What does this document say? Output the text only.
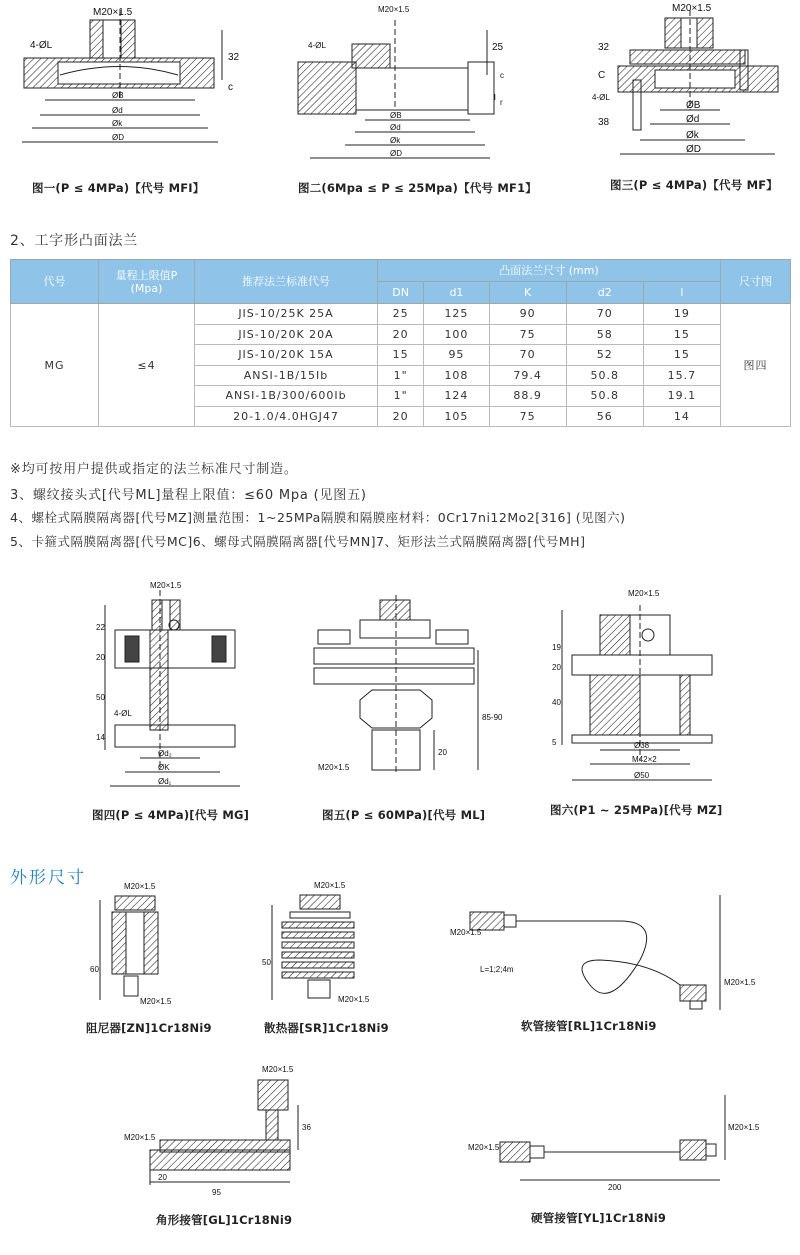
M20×1.5
4-ØL
32
c
ØB
Ød
Øk
ØD
M20×1.5
4-ØL	25
c
l
r
ØB
Ød
Øk
ØD
M20×1.5
32
C
4-ØL
38
ØB
Ød
Øk
ØD
图一(P ≤ 4MPa)【代号 MFI】	图二(6Mpa ≤ P ≤ 25Mpa)【代号 MF1】	图三(P ≤ 4MPa)【代号 MF】
2、工字形凸面法兰
代号	量程上限值P
(Mpa)	推荐法兰标准代号	凸面法兰尺寸 (mm)					尺寸图
			DN	d1	K	d2	l	
MG	≤4	JIS-10/25K 25A	25	125	90	70	19	图四
		JIS-10/20K 20A	20	100	75	58	15	
		JIS-10/20K 15A	15	95	70	52	15	
		ANSI-1B/15Ib	1"	108	79.4	50.8	15.7	
		ANSI-1B/300/600Ib	1"	124	88.9	50.8	19.1	
		20-1.0/4.0HGJ47	20	105	75	56	14	
※均可按用户提供或指定的法兰标准尺寸制造。
3、螺纹接头式[代号ML]量程上限值：≤60 Mpa (见图五)
4、螺栓式隔膜隔离器[代号MZ]测量范围：1~25MPa隔膜和隔膜座材料：0Cr17ni12Mo2[316] (见图六)
5、卡箍式隔膜隔离器[代号MC]6、螺母式隔膜隔离器[代号MN]7、矩形法兰式隔膜隔离器[代号MH]
M20×1.5
22
20
50
14
4-ØL
Ød₂
ØK
Ød₁
85-90
20
M20×1.5
M20×1.5
19
20
40
5	Ø38
M42×2
Ø50
图四(P ≤ 4MPa)[代号 MG]	图五(P ≤ 60MPa)[代号 ML]	图六(P1 ~ 25MPa)[代号 MZ]
外形尺寸	M20×1.5
60
M20×1.5
M20×1.5
50
M20×1.5
M20×1.5
L=1;2;4m
M20×1.5
M20×1.5
M20×1.5
36
20
95
M20×1.5
200
M20×1.5
阻尼器[ZN]1Cr18Ni9	散热器[SR]1Cr18Ni9	软管接管[RL]1Cr18Ni9
角形接管[GL]1Cr18Ni9	硬管接管[YL]1Cr18Ni9
